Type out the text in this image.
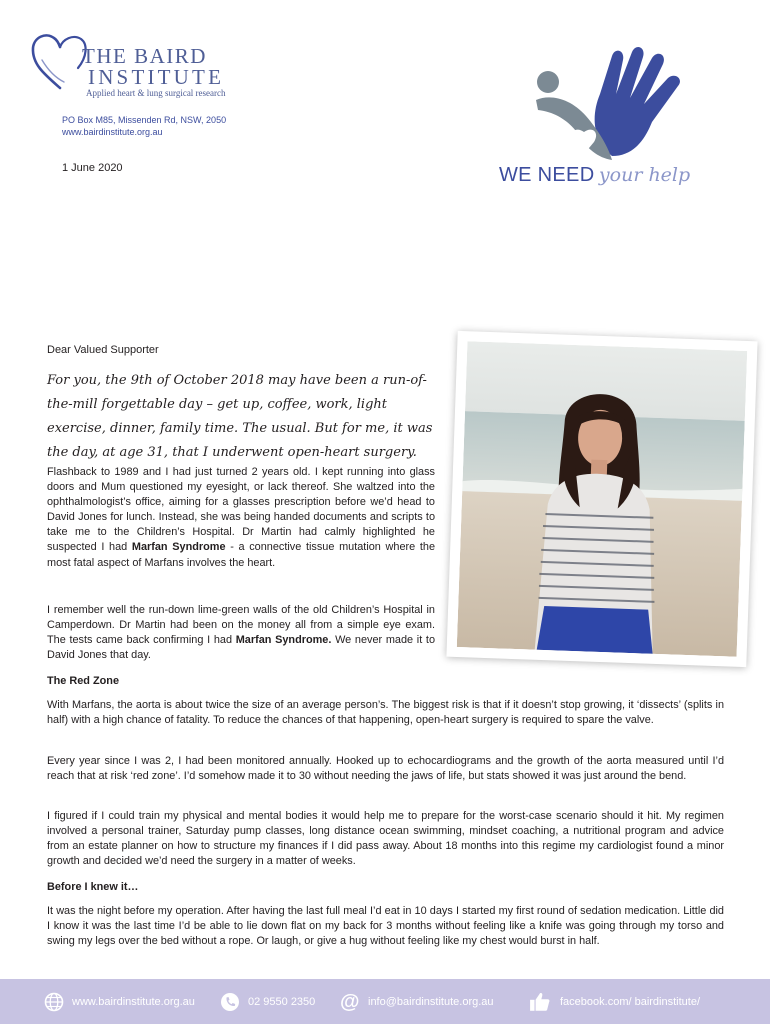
THE BAIRD
INSTITUTE
Applied heart & lung surgical research
PO Box M85, Missenden Rd, NSW, 2050
www.bairdinstitute.org.au
1 June 2020	WE NEED your help
Dear Valued Supporter
For you, the 9th of October 2018 may have been a run-of-the-mill forgettable day – get up, coffee, work, light exercise, dinner, family time. The usual. But for me, it was the day, at age 31, that I underwent open-heart surgery.

Flashback to 1989 and I had just turned 2 years old. I kept running into glass doors and Mum questioned my eyesight, or lack thereof. She waltzed into the ophthalmologist’s office, aiming for a glasses prescription before we’d head to David Jones for lunch. Instead, she was being handed documents and scripts to take me to the Children’s Hospital. Dr Martin had calmly highlighted he suspected I had Marfan Syndrome - a connective tissue mutation where the most fatal aspect of Marfans involves the heart.

I remember well the run-down lime-green walls of the old Children’s Hospital in Camperdown. Dr Martin had been on the money all from a simple eye exam. The tests came back confirming I had Marfan Syndrome. We never made it to David Jones that day.

The Red Zone

With Marfans, the aorta is about twice the size of an average person’s. The biggest risk is that if it doesn’t stop growing, it ‘dissects’ (splits in half) with a high chance of fatality. To reduce the chances of that happening, open-heart surgery is required to spare the valve.

Every year since I was 2, I had been monitored annually. Hooked up to echocardiograms and the growth of the aorta measured until I’d reach that at risk ‘red zone’. I’d somehow made it to 30 without needing the jaws of life, but stats showed it was just around the bend.

I figured if I could train my physical and mental bodies it would help me to prepare for the worst-case scenario should it hit. My regimen involved a personal trainer, Saturday pump classes, long distance ocean swimming, mindset coaching, a nutritional program and advice from an estate planner on how to structure my finances if I did pass away. About 18 months into this regime my cardiologist found a minor growth and decided we’d need the surgery in a matter of weeks.

Before I knew it…

It was the night before my operation. After having the last full meal I’d eat in 10 days I started my first round of sedation medication. Little did I know it was the last time I’d be able to lie down flat on my back for 3 months without feeling like a knife was going through my torso and swing my legs over the bed without a rope. Or laugh, or give a hug without feeling like my chest would burst in half.

www.bairdinstitute.org.au	02 9550 2350 @ info@bairdinstitute.org.au	facebook.com/ bairdinstitute/
